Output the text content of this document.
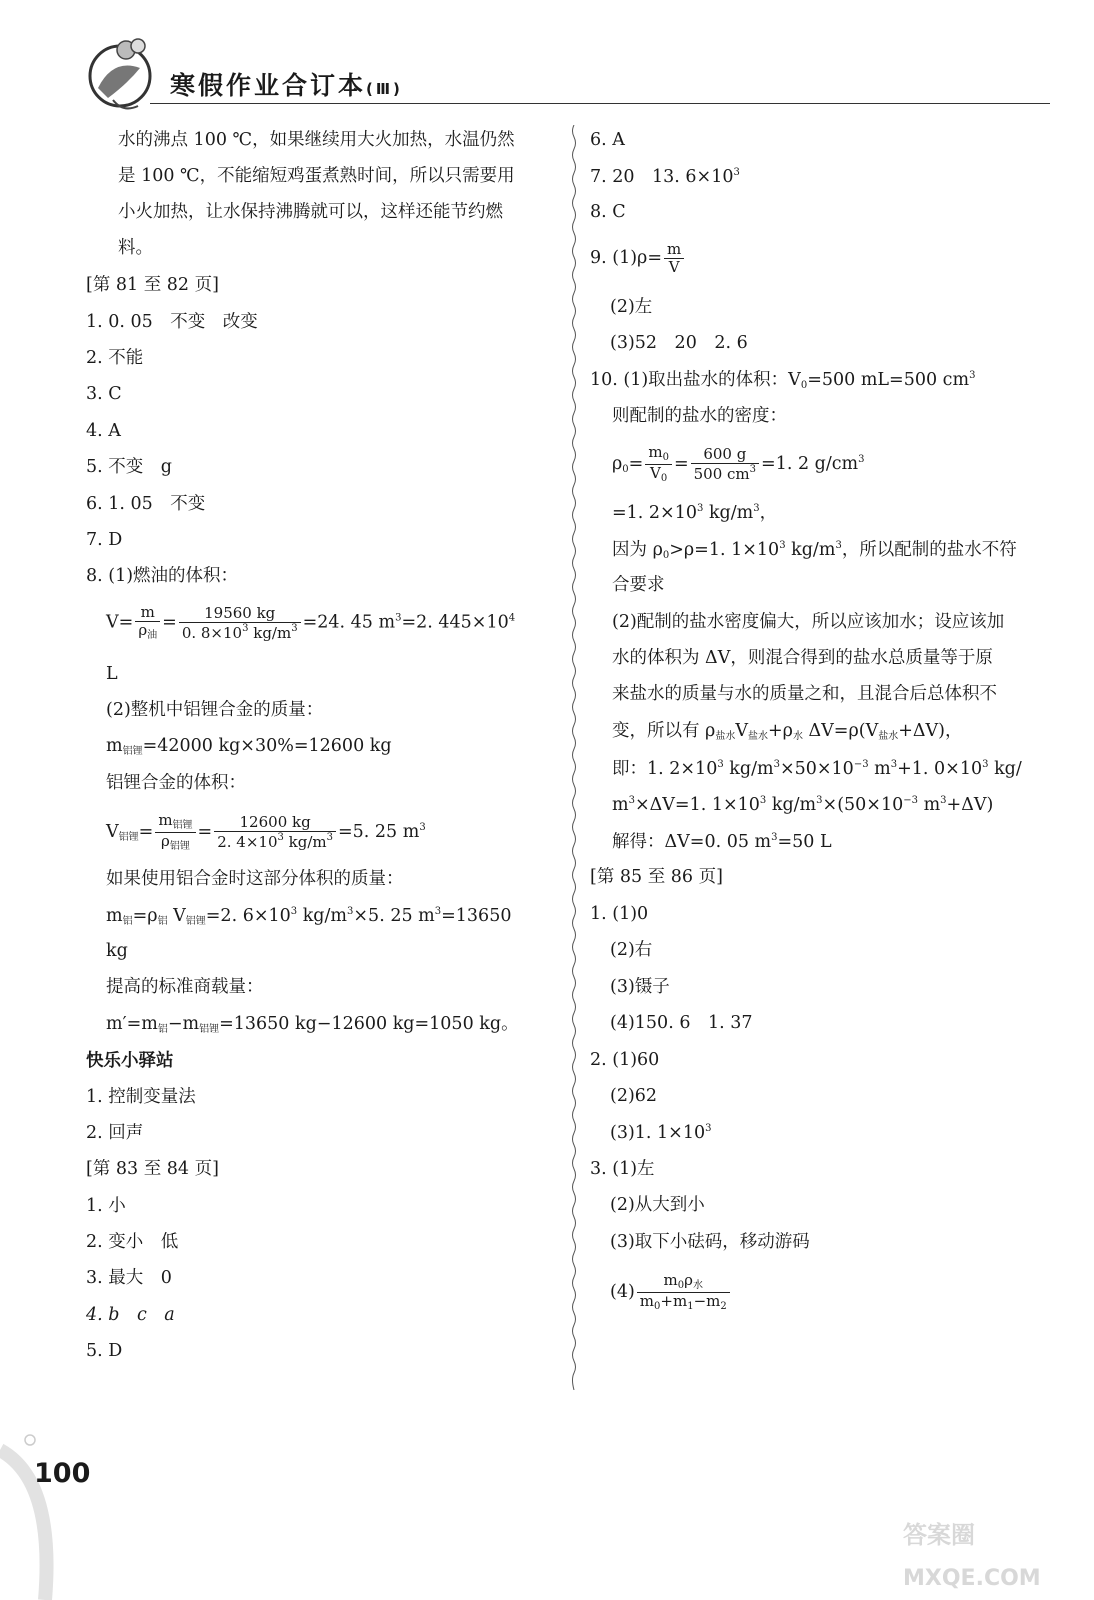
寒假作业合订本(Ⅲ)
水的沸点 100 ℃，如果继续用大火加热，水温仍然
是 100 ℃，不能缩短鸡蛋煮熟时间，所以只需要用
小火加热，让水保持沸腾就可以，这样还能节约燃
料。
[第 81 至 82 页]
1. 0. 05　不变　改变
2. 不能
3. C
4. A
5. 不变　g
6. 1. 05　不变
7. D
8. (1)燃油的体积：
$V= \frac{m}{\rho_油} = \frac{19560 kg}{0. 8\times 10^3 kg/m^3} =24$. 45 $m^3=2$. $445\times 10^4$
L
(2)整机中铝锂合金的质量：
$m_{铝锂}=42000$ kg×30%=12600 kg
铝锂合金的体积：
$V_{铝锂}= \frac{m_{铝锂}}{\rho_{铝锂}} = \frac{12600 kg}{2. 4\times 10^3 kg/m^3} =5$. 25 $m^3$
如果使用铝合金时这部分体积的质量：
$m_铝=\rho_铝$ $V_{铝锂}=2$. $6\times 10^3$ $kg/m^3\times 5$. 25 $m^3=13650$
kg
提高的标准商载量：
$m'=m_铝-m_{铝锂}=13650$ kg−12600 kg=1050 kg。
快乐小驿站
1. 控制变量法
2. 回声
[第 83 至 84 页]
1. 小
2. 变小　低
3. 最大　0
4. b　c　a
5. D
6. A
7. 20　13. $6\times 10^3$
8. C
9. $(1)\rho= \frac{m}{V}$
(2)左
(3)52　20　2. 6
10. (1)取出盐水的体积：$V_0=500$ mL=500 $cm^3$
则配制的盐水的密度：
$\rho_0= \frac{m_0}{V_0} = \frac{600 g}{500 cm^3} =1$. 2 $g/cm^3$
=1. $2\times 10^3$ $kg/m^3$，
因为 $\rho_0>\rho=1$. $1\times 10^3$ $kg/m^3$，所以配制的盐水不符
合要求
(2)配制的盐水密度偏大，所以应该加水；设应该加
水的体积为 ΔV，则混合得到的盐水总质量等于原
来盐水的质量与水的质量之和，且混合后总体积不
变，所以有 $\rho_{盐水}V_{盐水}+\rho_水$ $\Delta V=\rho(V_{盐水}+\Delta V)$，
即：1. $2\times 10^3$ $kg/m^3\times 50\times 10^{-3}$ $m^3+1$. $0\times 10^3$ kg/
$m^3\times\Delta V=1$. $1\times 10^3$ $kg/m^3\times(50\times 10^{-3}$ $m^3+\Delta V$)
解得：ΔV=0. 05 $m^3=50$ L
[第 85 至 86 页]
1. (1)0
(2)右
(3)镊子
(4)150. 6　1. 37
2. (1)60
(2)62
(3)1. $1\times 10^3$
3. (1)左
(2)从大到小
(3)取下小砝码，移动游码
$(4) \frac{m_0\rho_水}{m_0+m_1-m_2}$
100
答案圈
MXQE.COM
